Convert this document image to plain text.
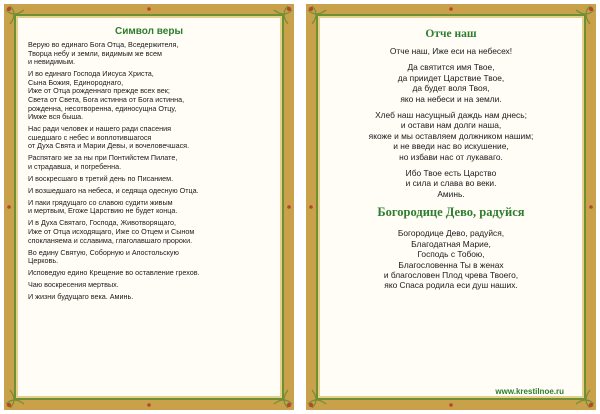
Символ веры

Верую во единаго Бога Отца, Вседержителя,
Творца небу и земли, видимым же всем
и невидимым.

И во единаго Господа Иисуса Христа,
Сына Божия, Единороднаго,
Иже от Отца рожденнаго прежде всех век;
Света от Света, Бога истинна от Бога истинна,
рожденна, несотворенна, единосущна Отцу,
Имже вся быша.

Нас ради человек и нашего ради спасения
сшедшаго с небес и воплотившагося
от Духа Свята и Марии Девы, и вочеловечшася.

Распятаго же за ны при Понтийстем Пилате,
и страдавша, и погребенна.

И воскресшаго в третий день по Писанием.

И возшедшаго на небеса, и седяща одесную Отца.

И паки грядущаго со славою судити живым
и мертвым, Егоже Царствию не будет конца.

И в Духа Святаго, Господа, Животворящаго,
Иже от Отца исходящаго, Иже со Отцем и Сыном
спокланяема и сславима, глаголавшаго пророки.

Во едину Святую, Соборную и Апостольскую
Церковь.

Исповедую едино Крещение во оставление грехов.

Чаю воскресения мертвых.

И жизни будущаго века. Аминь.

Отче наш

Отче наш, Иже еси на небесех!

Да святится имя Твое,
да приидет Царствие Твое,
да будет воля Твоя,
яко на небеси и на земли.

Хлеб наш насущный даждь нам днесь;
и остави нам долги наша,
якоже и мы оставляем должником нашим;
и не введи нас во искушение,
но избави нас от лукаваго.

Ибо Твое есть Царство
и сила и слава во веки.
Аминь.

Богородице Дево, радуйся

Богородице Дево, радуйся,
Благодатная Марие,
Господь с Тобою,
Благословенна Ты в женах
и благословен Плод чрева Твоего,
яко Спаса родила еси душ наших.

www.krestilnoe.ru
